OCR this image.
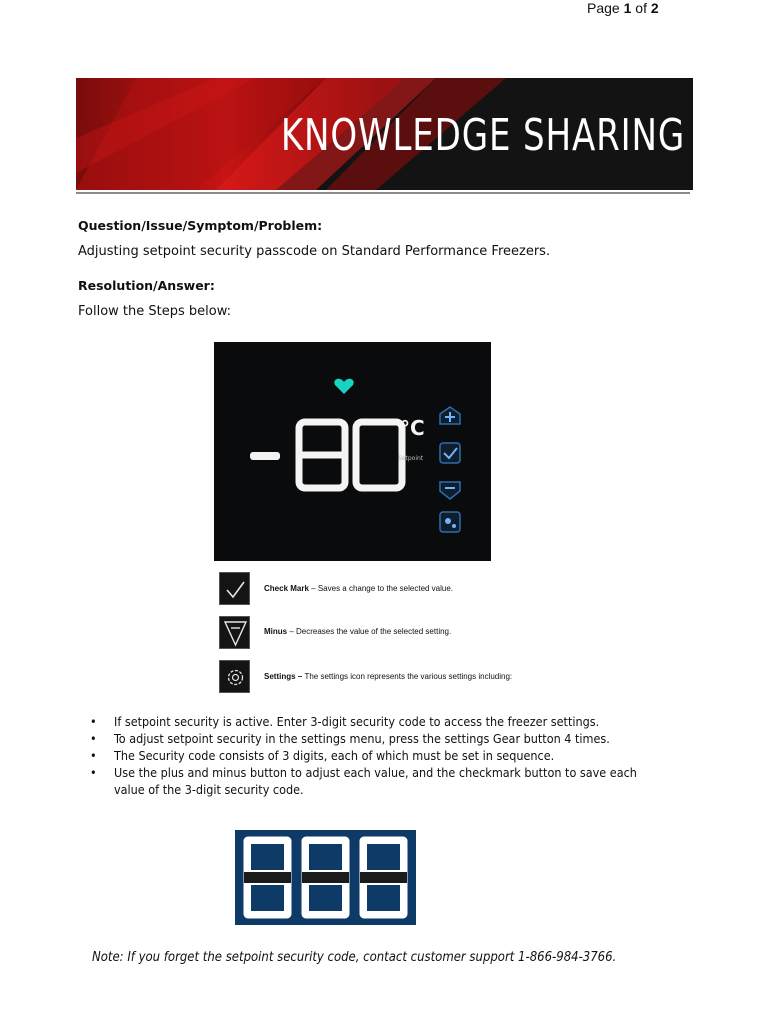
Page 1 of 2
KNOWLEDGE SHARING
Question/Issue/Symptom/Problem:
Adjusting setpoint security passcode on Standard Performance Freezers.
Resolution/Answer:
Follow the Steps below:
°C
Setpoint
Check Mark – Saves a change to the selected value.
Minus – Decreases the value of the selected setting.
Settings – The settings icon represents the various settings including:
• If setpoint security is active. Enter 3-digit security code to access the freezer settings.
• To adjust setpoint security in the settings menu, press the settings Gear button 4 times.
• The Security code consists of 3 digits, each of which must be set in sequence.
• Use the plus and minus button to adjust each value, and the checkmark button to save each value of the 3-digit security code.
Note: If you forget the setpoint security code, contact customer support 1-866-984-3766.
